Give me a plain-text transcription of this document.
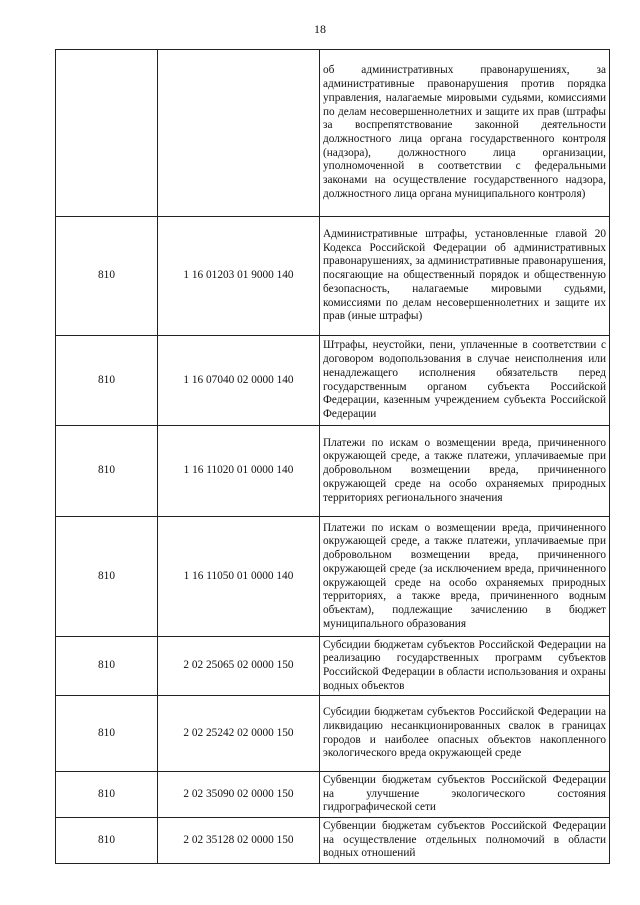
18
		об административных правонарушениях, за административные правонарушения против порядка управления, налагаемые мировыми судьями, комиссиями по делам несовершеннолетних и защите их прав (штрафы за воспрепятствование законной деятельности должностного лица органа государственного контроля (надзора), должностного лица организации, уполномоченной в соответствии с федеральными законами на осуществление государственного надзора, должностного лица органа муниципального контроля)
810	1 16 01203 01 9000 140	Административные штрафы, установленные главой 20 Кодекса Российской Федерации об административных правонарушениях, за административные правонарушения, посягающие на общественный порядок и общественную безопасность, налагаемые мировыми судьями, комиссиями по делам несовершеннолетних и защите их прав (иные штрафы)
810	1 16 07040 02 0000 140	Штрафы, неустойки, пени, уплаченные в соответствии с договором водопользования в случае неисполнения или ненадлежащего исполнения обязательств перед государственным органом субъекта Российской Федерации, казенным учреждением субъекта Российской Федерации
810	1 16 11020 01 0000 140	Платежи по искам о возмещении вреда, причиненного окружающей среде, а также платежи, уплачиваемые при добровольном возмещении вреда, причиненного окружающей среде на особо охраняемых природных территориях регионального значения
810	1 16 11050 01 0000 140	Платежи по искам о возмещении вреда, причиненного окружающей среде, а также платежи, уплачиваемые при добровольном возмещении вреда, причиненного окружающей среде (за исключением вреда, причиненного окружающей среде на особо охраняемых природных территориях, а также вреда, причиненного водным объектам), подлежащие зачислению в бюджет муниципального образования
810	2 02 25065 02 0000 150	Субсидии бюджетам субъектов Российской Федерации на реализацию государственных программ субъектов Российской Федерации в области использования и охраны водных объектов
810	2 02 25242 02 0000 150	Субсидии бюджетам субъектов Российской Федерации на ликвидацию несанкционированных свалок в границах городов и наиболее опасных объектов накопленного экологического вреда окружающей среде
810	2 02 35090 02 0000 150	Субвенции бюджетам субъектов Российской Федерации на улучшение экологического состояния гидрографической сети
810	2 02 35128 02 0000 150	Субвенции бюджетам субъектов Российской Федерации на осуществление отдельных полномочий в области водных отношений
